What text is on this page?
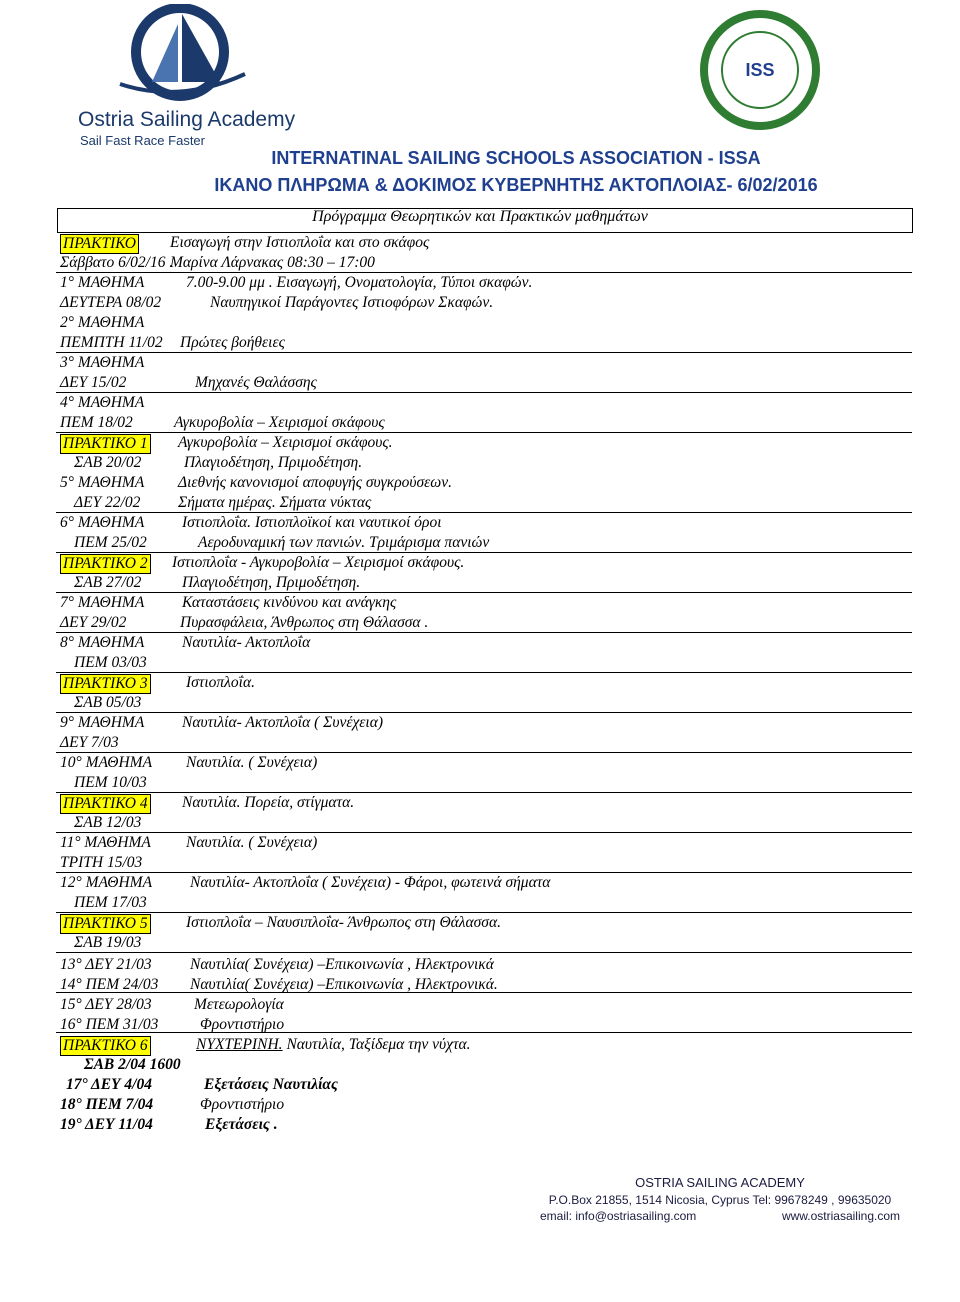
Ostria Sailing Academy
Sail Fast Race Faster
ISS
INTERNATINAL SAILING SCHOOLS ASSOCIATION - ISSA
ΙΚΑΝΟ ΠΛΗΡΩΜΑ & ΔΟΚΙΜΟΣ ΚΥΒΕΡΝΗΤΗΣ ΑΚΤΟΠΛΟΙΑΣ- 6/02/2016
Πρόγραμμα Θεωρητικών και Πρακτικών μαθημάτων
ΠΡΑΚΤΙΚΟ Εισαγωγή στην Ιστιοπλοΐα και στο σκάφος
Σάββατο 6/02/16 .
Μαρίνα Λάρνακας 08:30 – 17:00
1° ΜΑΘΗΜΑ	7.00-9.00 μμ . Εισαγωγή, Ονοματολογία, Τύποι σκαφών.
ΔΕΥΤΕΡΑ 08/02	Ναυπηγικοί Παράγοντες Ιστιοφόρων Σκαφών.
2° ΜΑΘΗΜΑ
ΠΕΜΠΤΗ 11/02 Πρώτες βοήθειες
3° ΜΑΘΗΜΑ
ΔΕΥ 15/02	Μηχανές Θαλάσσης
4° ΜΑΘΗΜΑ
ΠΕΜ 18/02	Αγκυροβολία – Χειρισμοί σκάφους
ΠΡΑΚΤΙΚΟ 1 Αγκυροβολία – Χειρισμοί σκάφους.
ΣΑΒ 20/02	Πλαγιοδέτηση, Πριμοδέτηση.
5° ΜΑΘΗΜΑ Διεθνής κανονισμοί αποφυγής συγκρούσεων.
ΔΕΥ 22/02 Σήματα ημέρας. Σήματα νύκτας
6° ΜΑΘΗΜΑ Ιστιοπλοΐα. Ιστιοπλοϊκοί και ναυτικοί όροι
ΠΕΜ 25/02	Αεροδυναμική των πανιών. Τριμάρισμα πανιών
ΠΡΑΚΤΙΚΟ 2 Ιστιοπλοΐα - Αγκυροβολία – Χειρισμοί σκάφους.
ΣΑΒ 27/02	Πλαγιοδέτηση, Πριμοδέτηση.
7° ΜΑΘΗΜΑ Καταστάσεις κινδύνου και ανάγκης
ΔΕΥ 29/02	Πυρασφάλεια, Άνθρωπος στη Θάλασσα .
8° ΜΑΘΗΜΑ Ναυτιλία- Ακτοπλοΐα
ΠΕΜ 03/03
ΠΡΑΚΤΙΚΟ 3 Ιστιοπλοΐα.
ΣΑΒ 05/03
9° ΜΑΘΗΜΑ Ναυτιλία- Ακτοπλοΐα ( Συνέχεια)
ΔΕΥ 7/03
10° ΜΑΘΗΜΑ Ναυτιλία. ( Συνέχεια)
ΠΕΜ 10/03
ΠΡΑΚΤΙΚΟ 4 Ναυτιλία. Πορεία, στίγματα.
ΣΑΒ 12/03
11° ΜΑΘΗΜΑ Ναυτιλία. ( Συνέχεια)
ΤΡΙΤΗ 15/03
12° ΜΑΘΗΜΑ Ναυτιλία- Ακτοπλοΐα ( Συνέχεια) - Φάροι, φωτεινά σήματα
ΠΕΜ 17/03
ΠΡΑΚΤΙΚΟ 5 Ιστιοπλοΐα – Ναυσιπλοΐα- Άνθρωπος στη Θάλασσα.
ΣΑΒ 19/03
13° ΔΕΥ 21/03 Ναυτιλία( Συνέχεια) –Επικοινωνία , Ηλεκτρονικά
14° ΠΕΜ 24/03 Ναυτιλία( Συνέχεια) –Επικοινωνία , Ηλεκτρονικά.
15° ΔΕΥ 28/03	Μετεωρολογία
16° ΠΕΜ 31/03	Φροντιστήριο
ΠΡΑΚΤΙΚΟ 6	ΝΥΧΤΕΡΙΝΗ. Ναυτιλία, Ταξίδεμα την νύχτα.
ΣΑΒ 2/04 1600
17° ΔΕΥ 4/04	Εξετάσεις Ναυτιλίας
18° ΠΕΜ 7/04	Φροντιστήριο
19° ΔΕΥ 11/04	Εξετάσεις .
OSTRIA SAILING ACADEMY
P.O.Box 21855, 1514 Nicosia, Cyprus Tel: 99678249 , 99635020
email: info@ostriasailing.com	www.ostriasailing.com
